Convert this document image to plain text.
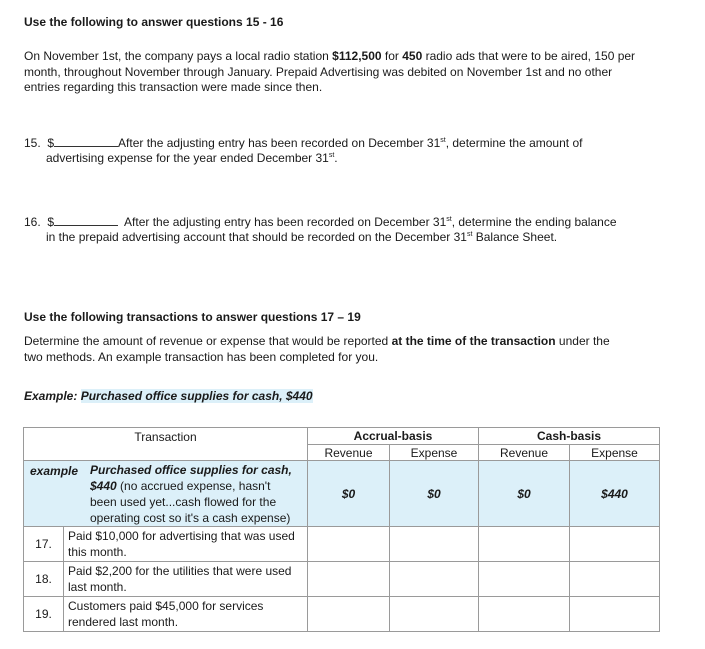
Use the following to answer questions 15 - 16
On November 1st, the company pays a local radio station $112,500 for 450 radio ads that were to be aired, 150 per
month, throughout November through January. Prepaid Advertising was debited on November 1st and no other
entries regarding this transaction were made since then.
15. $	After the adjusting entry has been recorded on December 31st, determine the amount of
advertising expense for the year ended December 31st.
16. $	After the adjusting entry has been recorded on December 31st, determine the ending balance
in the prepaid advertising account that should be recorded on the December 31st Balance Sheet.
Use the following transactions to answer questions 17 – 19
Determine the amount of revenue or expense that would be reported at the time of the transaction under the
two methods. An example transaction has been completed for you.
Example: Purchased office supplies for cash, $440
Transaction		Accrual-basis		Cash-basis	
		Revenue	Expense	Revenue	Expense

example Purchased office supplies for cash,
$440 (no accrued expense, hasn't
been used yet...cash flowed for the
operating cost so it's a cash expense)		$0	$0	$0	$440
17.	Paid $10,000 for advertising that was used
this month.				

18.	Paid $2,200 for the utilities that were used
last month.				

19.	Customers paid $45,000 for services
rendered last month.				
